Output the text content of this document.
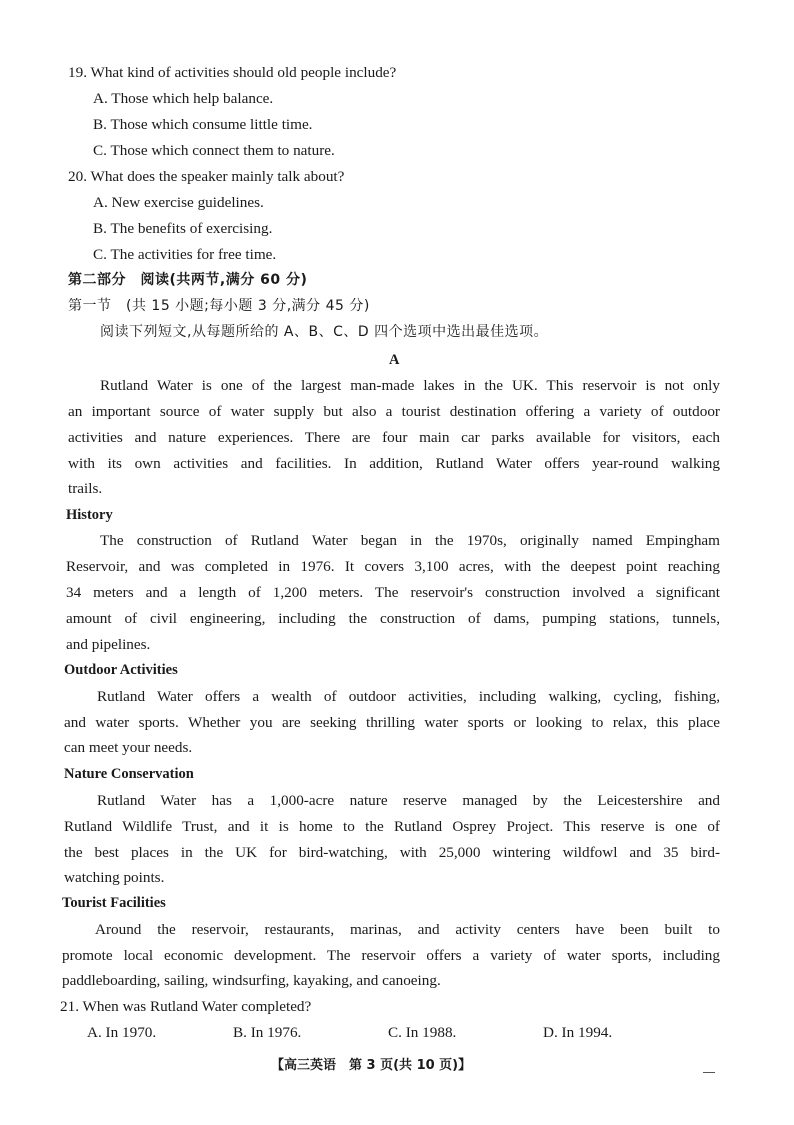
19. What kind of activities should old people include?
A. Those which help balance.
B. Those which consume little time.
C. Those which connect them to nature.
20. What does the speaker mainly talk about?
A. New exercise guidelines.
B. The benefits of exercising.
C. The activities for free time.
第二部分　阅读(共两节,满分 60 分)
第一节　(共 15 小题;每小题 3 分,满分 45 分)
阅读下列短文,从每题所给的 A、B、C、D 四个选项中选出最佳选项。
A
Rutland Water is one of the largest man-made lakes in the UK. This reservoir is not only
an important source of water supply but also a tourist destination offering a variety of outdoor
activities and nature experiences. There are four main car parks available for visitors, each
with its own activities and facilities. In addition, Rutland Water offers year-round walking
trails.
History
The construction of Rutland Water began in the 1970s, originally named Empingham
Reservoir, and was completed in 1976. It covers 3,100 acres, with the deepest point reaching
34 meters and a length of 1,200 meters. The reservoir's construction involved a significant
amount of civil engineering, including the construction of dams, pumping stations, tunnels,
and pipelines.
Outdoor Activities
Rutland Water offers a wealth of outdoor activities, including walking, cycling, fishing,
and water sports. Whether you are seeking thrilling water sports or looking to relax, this place
can meet your needs.
Nature Conservation
Rutland Water has a 1,000-acre nature reserve managed by the Leicestershire and
Rutland Wildlife Trust, and it is home to the Rutland Osprey Project. This reserve is one of
the best places in the UK for bird-watching, with 25,000 wintering wildfowl and 35 bird-
watching points.
Tourist Facilities
Around the reservoir, restaurants, marinas, and activity centers have been built to
promote local economic development. The reservoir offers a variety of water sports, including
paddleboarding, sailing, windsurfing, kayaking, and canoeing.
21. When was Rutland Water completed?
A. In 1970.	B. In 1976.	C. In 1988.	D. In 1994.
【高三英语　第 3 页(共 10 页)】
